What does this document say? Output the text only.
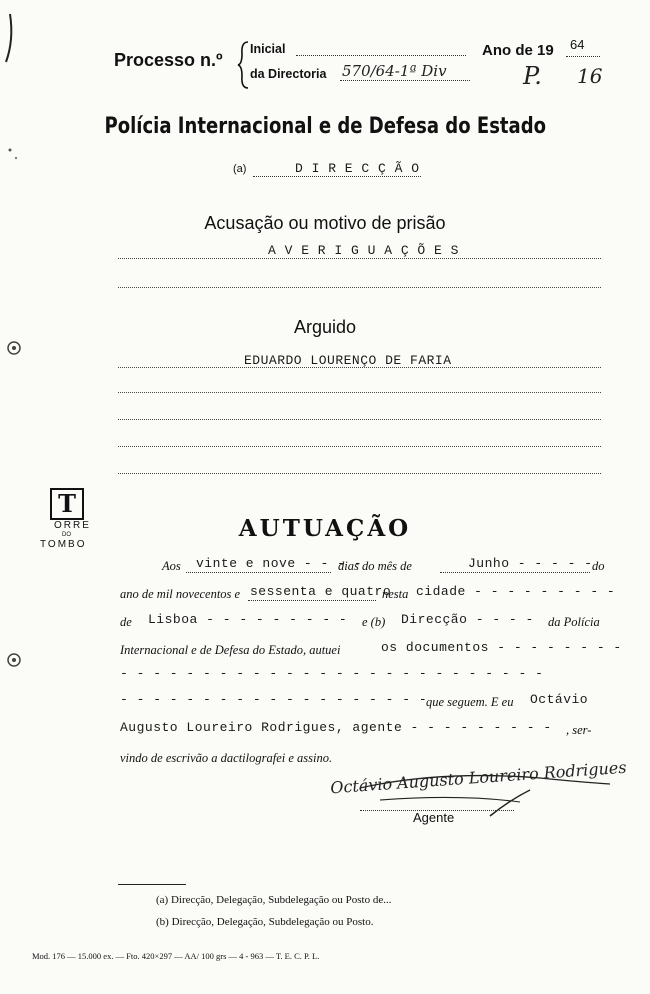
Processo n.º
Inicial
da Directoria 570/64-1ª Div
Ano de 19 64
P. 16
Polícia Internacional e de Defesa do Estado
(a)	D I R E C Ç Ã O
Acusação ou motivo de prisão
A V E R I G U A Ç Õ E S
Arguido
EDUARDO LOURENÇO DE FARIA
T
ORRE
DO
TOMBO
AUTUAÇÃO
Aos vinte e nove - - - -
dias do mês de	Junho - - - - - do
ano de mil novecentos e sessenta e quatro
nesta cidade - - - - - - - - -
de Lisboa - - - - - - - - - e (b) Direcção - - - - da Polícia
Internacional e de Defesa do Estado, autuei	os documentos - - - - - - - -
- - - - - - - - - - - - - - - - - - - - - - - - - -
- - - - - - - - - - - - - - - - - - -
que seguem. E eu Octávio
Augusto Loureiro Rodrigues, agente - - - - - - - - - , ser-
vindo de escrivão a dactilografei e assino.
Octávio Augusto Loureiro Rodrigues
Agente
(a) Direcção, Delegação, Subdelegação ou Posto de...
(b) Direcção, Delegação, Subdelegação ou Posto.
Mod. 176 — 15.000 ex. — Fto. 420×297 — AA/ 100 grs — 4 - 963 — T. E. C. P. L.
